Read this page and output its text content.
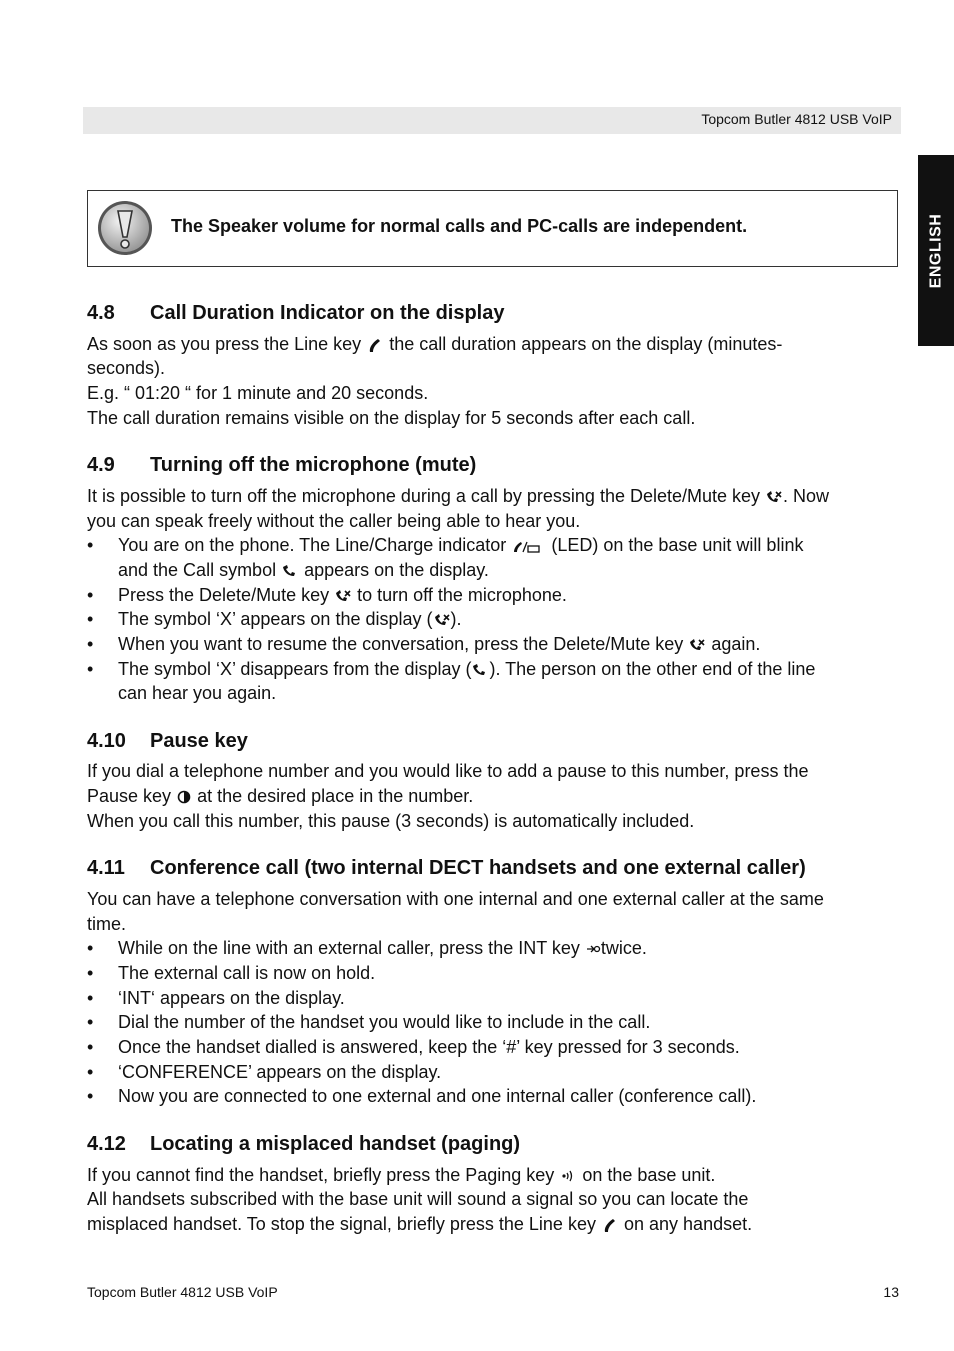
Topcom Butler 4812 USB VoIP
ENGLISH
The Speaker volume for normal calls and PC-calls are independent.
4.8 Call Duration Indicator on the display
As soon as you press the Line key the call duration appears on the display (minutes-
seconds).
E.g. “ 01:20 “ for 1 minute and 20 seconds.
The call duration remains visible on the display for 5 seconds after each call.
4.9 Turning off the microphone (mute)
It is possible to turn off the microphone during a call by pressing the Delete/Mute key . Now
you can speak freely without the caller being able to hear you.
• You are on the phone. The Line/Charge indicator	(LED) on the base unit will blink
and the Call symbol appears on the display.
• Press the Delete/Mute key to turn off the microphone.
• The symbol ‘X’ appears on the display ( ).
• When you want to resume the conversation, press the Delete/Mute key again.
• The symbol ‘X’ disappears from the display ( ). The person on the other end of the line
can hear you again.
4.10 Pause key
If you dial a telephone number and you would like to add a pause to this number, press the
Pause key at the desired place in the number.
When you call this number, this pause (3 seconds) is automatically included.
4.11 Conference call (two internal DECT handsets and one external caller)
You can have a telephone conversation with one internal and one external caller at the same
time.
• While on the line with an external caller, press the INT key twice.
• The external call is now on hold.
• ‘INT‘ appears on the display.
• Dial the number of the handset you would like to include in the call.
• Once the handset dialled is answered, keep the ‘#’ key pressed for 3 seconds.
• ‘CONFERENCE’ appears on the display.
• Now you are connected to one external and one internal caller (conference call).
4.12 Locating a misplaced handset (paging)
If you cannot find the handset, briefly press the Paging key on the base unit.
All handsets subscribed with the base unit will sound a signal so you can locate the
misplaced handset. To stop the signal, briefly press the Line key on any handset.
Topcom Butler 4812 USB VoIP	13
